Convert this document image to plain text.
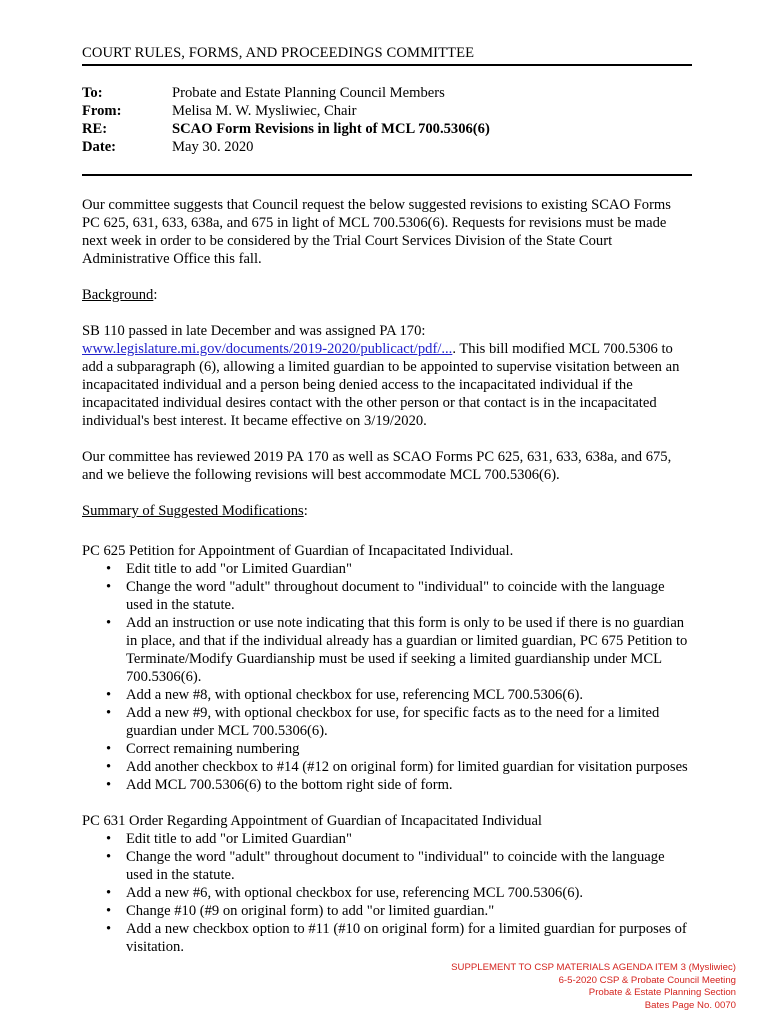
COURT RULES, FORMS, AND PROCEEDINGS COMMITTEE

To:	Probate and Estate Planning Council Members
From:	Melisa M. W. Mysliwiec, Chair
RE:	SCAO Form Revisions in light of MCL 700.5306(6)
Date:	May 30. 2020

Our committee suggests that Council request the below suggested revisions to existing SCAO Forms PC 625, 631, 633, 638a, and 675 in light of MCL 700.5306(6). Requests for revisions must be made next week in order to be considered by the Trial Court Services Division of the State Court Administrative Office this fall.

Background:

SB 110 passed in late December and was assigned PA 170:
www.legislature.mi.gov/documents/2019-2020/publicact/pdf/.... This bill modified MCL 700.5306 to add a subparagraph (6), allowing a limited guardian to be appointed to supervise visitation between an incapacitated individual and a person being denied access to the incapacitated individual if the incapacitated individual desires contact with the other person or that contact is in the incapacitated individual's best interest. It became effective on 3/19/2020.

Our committee has reviewed 2019 PA 170 as well as SCAO Forms PC 625, 631, 633, 638a, and 675, and we believe the following revisions will best accommodate MCL 700.5306(6).

Summary of Suggested Modifications:

PC 625 Petition for Appointment of Guardian of Incapacitated Individual.

• Edit title to add "or Limited Guardian"
• Change the word "adult" throughout document to "individual" to coincide with the language used in the statute.
• Add an instruction or use note indicating that this form is only to be used if there is no guardian in place, and that if the individual already has a guardian or limited guardian, PC 675 Petition to Terminate/Modify Guardianship must be used if seeking a limited guardianship under MCL 700.5306(6).
• Add a new #8, with optional checkbox for use, referencing MCL 700.5306(6).
• Add a new #9, with optional checkbox for use, for specific facts as to the need for a limited guardian under MCL 700.5306(6).
• Correct remaining numbering
• Add another checkbox to #14 (#12 on original form) for limited guardian for visitation purposes
• Add MCL 700.5306(6) to the bottom right side of form.

PC 631 Order Regarding Appointment of Guardian of Incapacitated Individual

• Edit title to add "or Limited Guardian"
• Change the word "adult" throughout document to "individual" to coincide with the language used in the statute.
• Add a new #6, with optional checkbox for use, referencing MCL 700.5306(6).
• Change #10 (#9 on original form) to add "or limited guardian."
• Add a new checkbox option to #11 (#10 on original form) for a limited guardian for purposes of visitation.
SUPPLEMENT TO CSP MATERIALS AGENDA ITEM 3 (Mysliwiec)
6-5-2020 CSP & Probate Council Meeting
Probate & Estate Planning Section
Bates Page No. 0070
